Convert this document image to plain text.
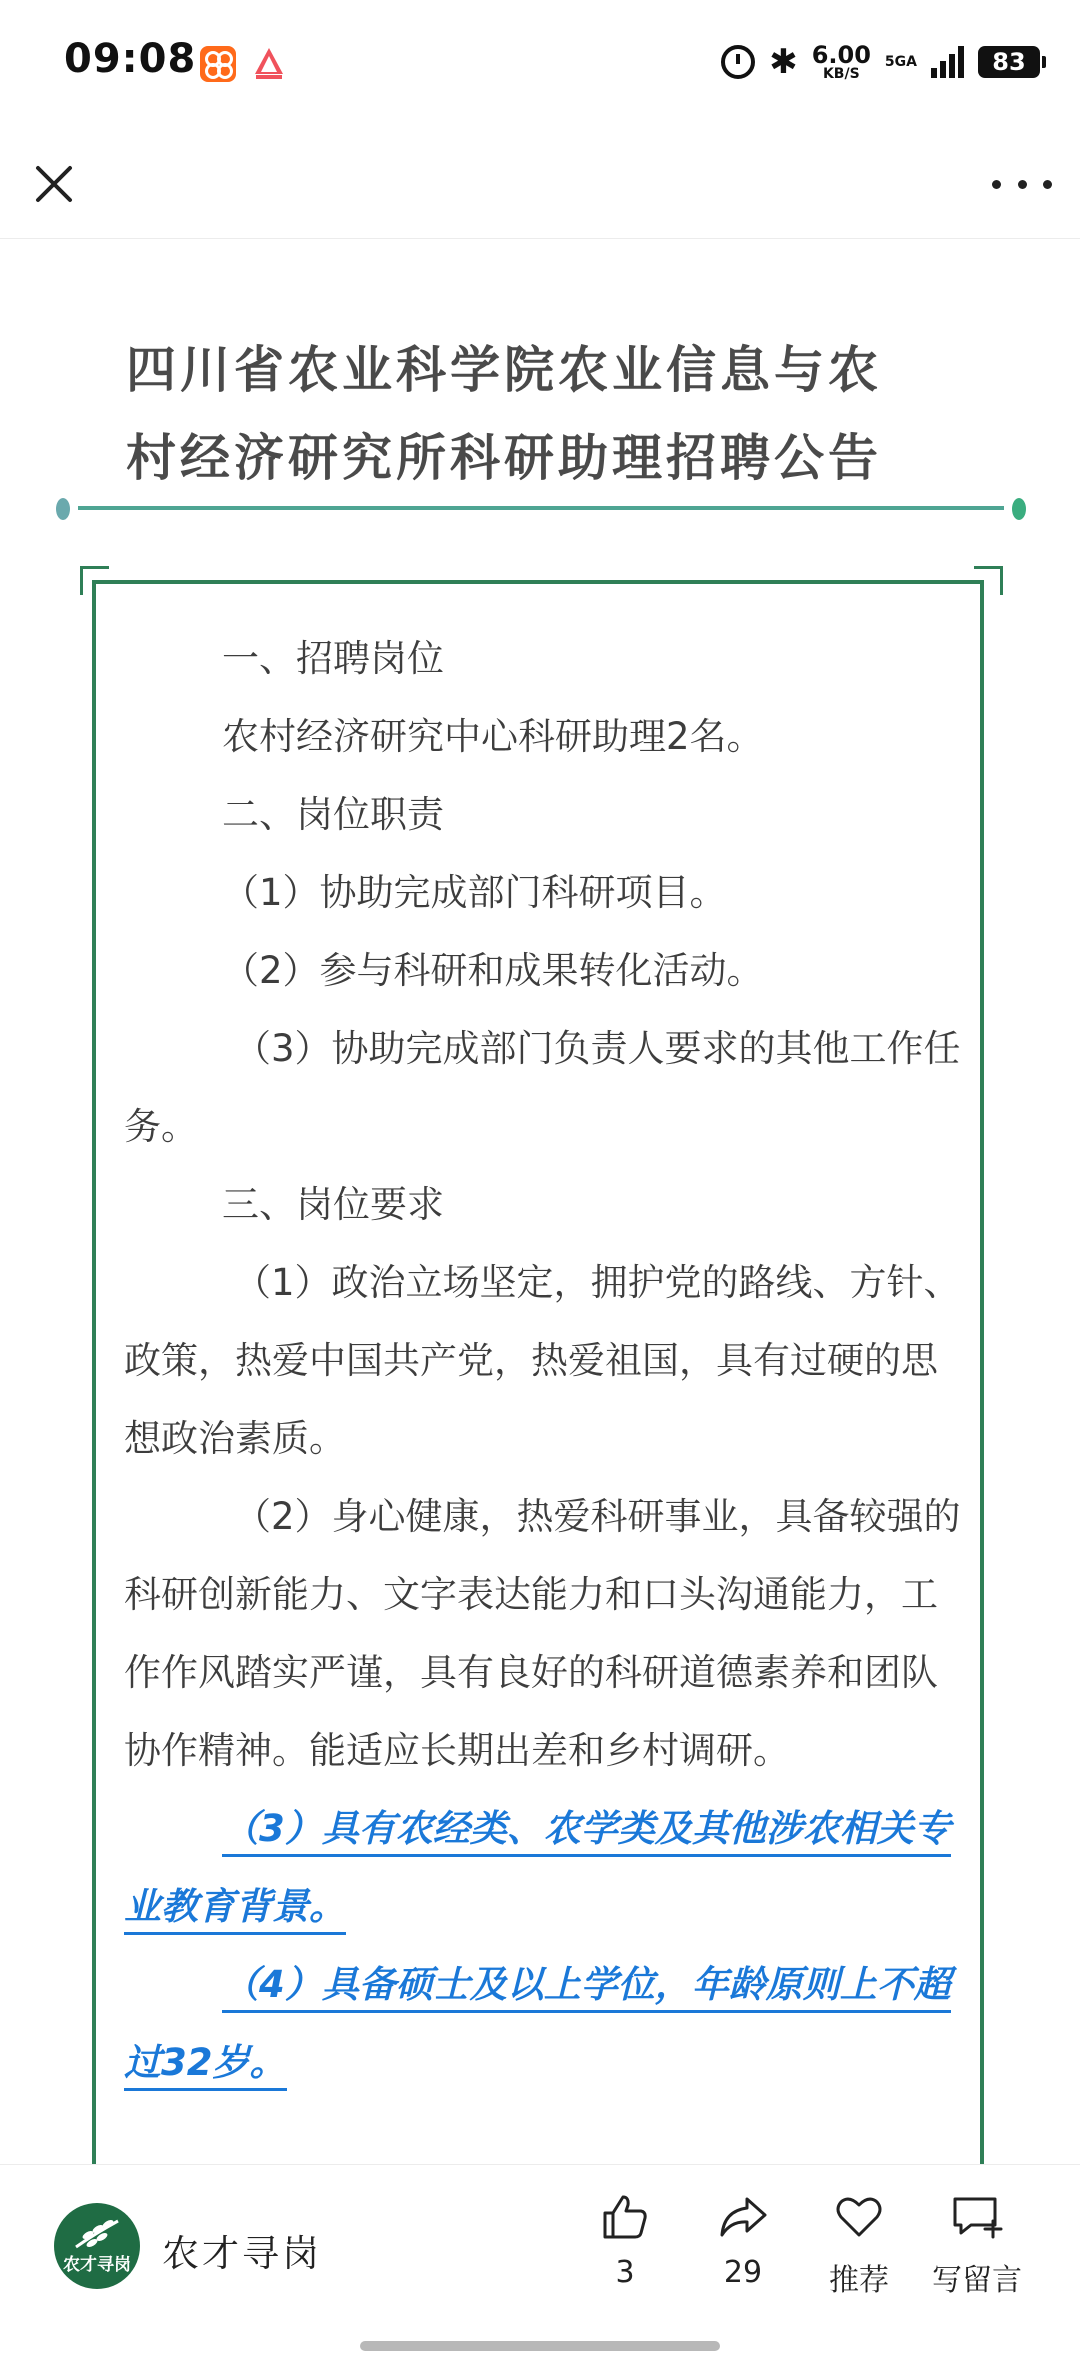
09:08	✱ 6.00
KB/S
5GA	83
四川省农业科学院农业信息与农
村经济研究所科研助理招聘公告

一、招聘岗位

农村经济研究中心科研助理2名。

二、岗位职责

（1）协助完成部门科研项目。

（2）参与科研和成果转化活动。

（3）协助完成部门负责人要求的其他工作任务。

三、岗位要求

（1）政治立场坚定，拥护党的路线、方针、政策，热爱中国共产党，热爱祖国，具有过硬的思想政治素质。

（2）身心健康，热爱科研事业，具备较强的科研创新能力、文字表达能力和口头沟通能力，工作作风踏实严谨，具有良好的科研道德素养和团队协作精神。能适应长期出差和乡村调研。

（3）具有农经类、农学类及其他涉农相关专业教育背景。

（4）具备硕士及以上学位，年龄原则上不超过32岁。

农才寻岗 农才寻岗	3	29	推荐	写留言
